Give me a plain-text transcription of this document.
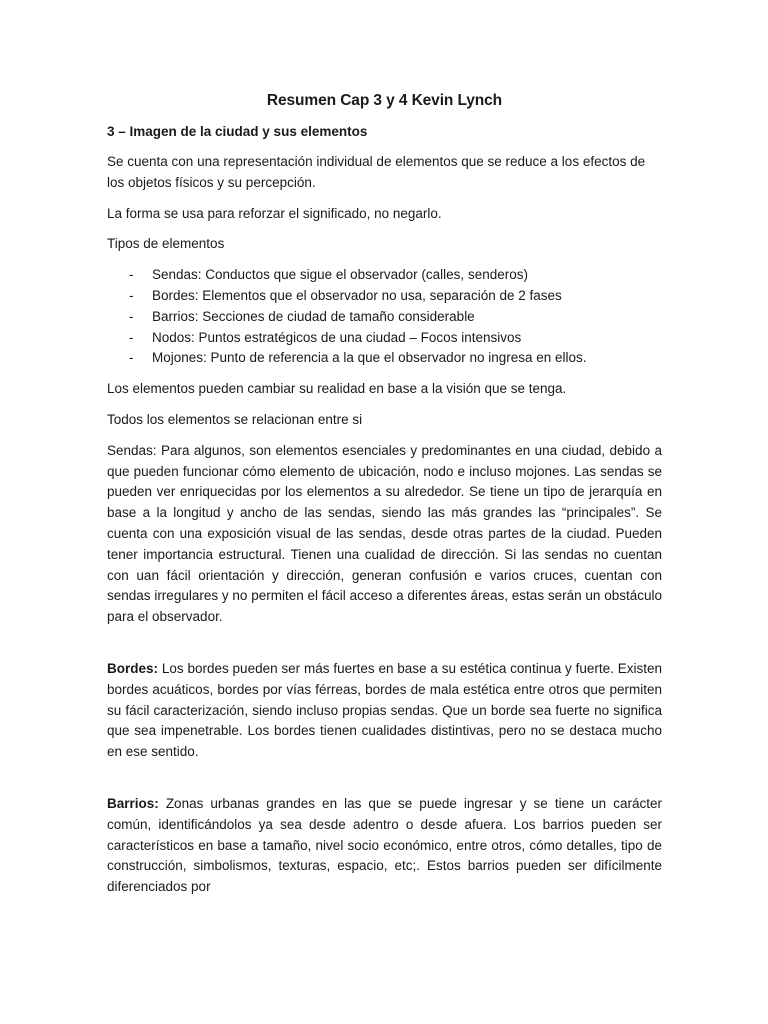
Resumen Cap 3 y 4 Kevin Lynch
3 – Imagen de la ciudad y sus elementos

Se cuenta con una representación individual de elementos que se reduce a los efectos de los objetos físicos y su percepción.

La forma se usa para reforzar el significado, no negarlo.

Tipos de elementos

- Sendas: Conductos que sigue el observador (calles, senderos)
- Bordes: Elementos que el observador no usa, separación de 2 fases
- Barrios: Secciones de ciudad de tamaño considerable
- Nodos: Puntos estratégicos de una ciudad – Focos intensivos
- Mojones: Punto de referencia a la que el observador no ingresa en ellos.

Los elementos pueden cambiar su realidad en base a la visión que se tenga.

Todos los elementos se relacionan entre si

Sendas: Para algunos, son elementos esenciales y predominantes en una ciudad, debido a que pueden funcionar cómo elemento de ubicación, nodo e incluso mojones. Las sendas se pueden ver enriquecidas por los elementos a su alrededor. Se tiene un tipo de jerarquía en base a la longitud y ancho de las sendas, siendo las más grandes las “principales”. Se cuenta con una exposición visual de las sendas, desde otras partes de la ciudad. Pueden tener importancia estructural. Tienen una cualidad de dirección. Si las sendas no cuentan con uan fácil orientación y dirección, generan confusión e varios cruces, cuentan con sendas irregulares y no permiten el fácil acceso a diferentes áreas, estas serán un obstáculo para el observador.

Bordes: Los bordes pueden ser más fuertes en base a su estética continua y fuerte. Existen bordes acuáticos, bordes por vías férreas, bordes de mala estética entre otros que permiten su fácil caracterización, siendo incluso propias sendas. Que un borde sea fuerte no significa que sea impenetrable. Los bordes tienen cualidades distintivas, pero no se destaca mucho en ese sentido.

Barrios: Zonas urbanas grandes en las que se puede ingresar y se tiene un carácter común, identificándolos ya sea desde adentro o desde afuera. Los barrios pueden ser característicos en base a tamaño, nivel socio económico, entre otros, cómo detalles, tipo de construcción, simbolismos, texturas, espacio, etc;. Estos barrios pueden ser difícilmente diferenciados por
